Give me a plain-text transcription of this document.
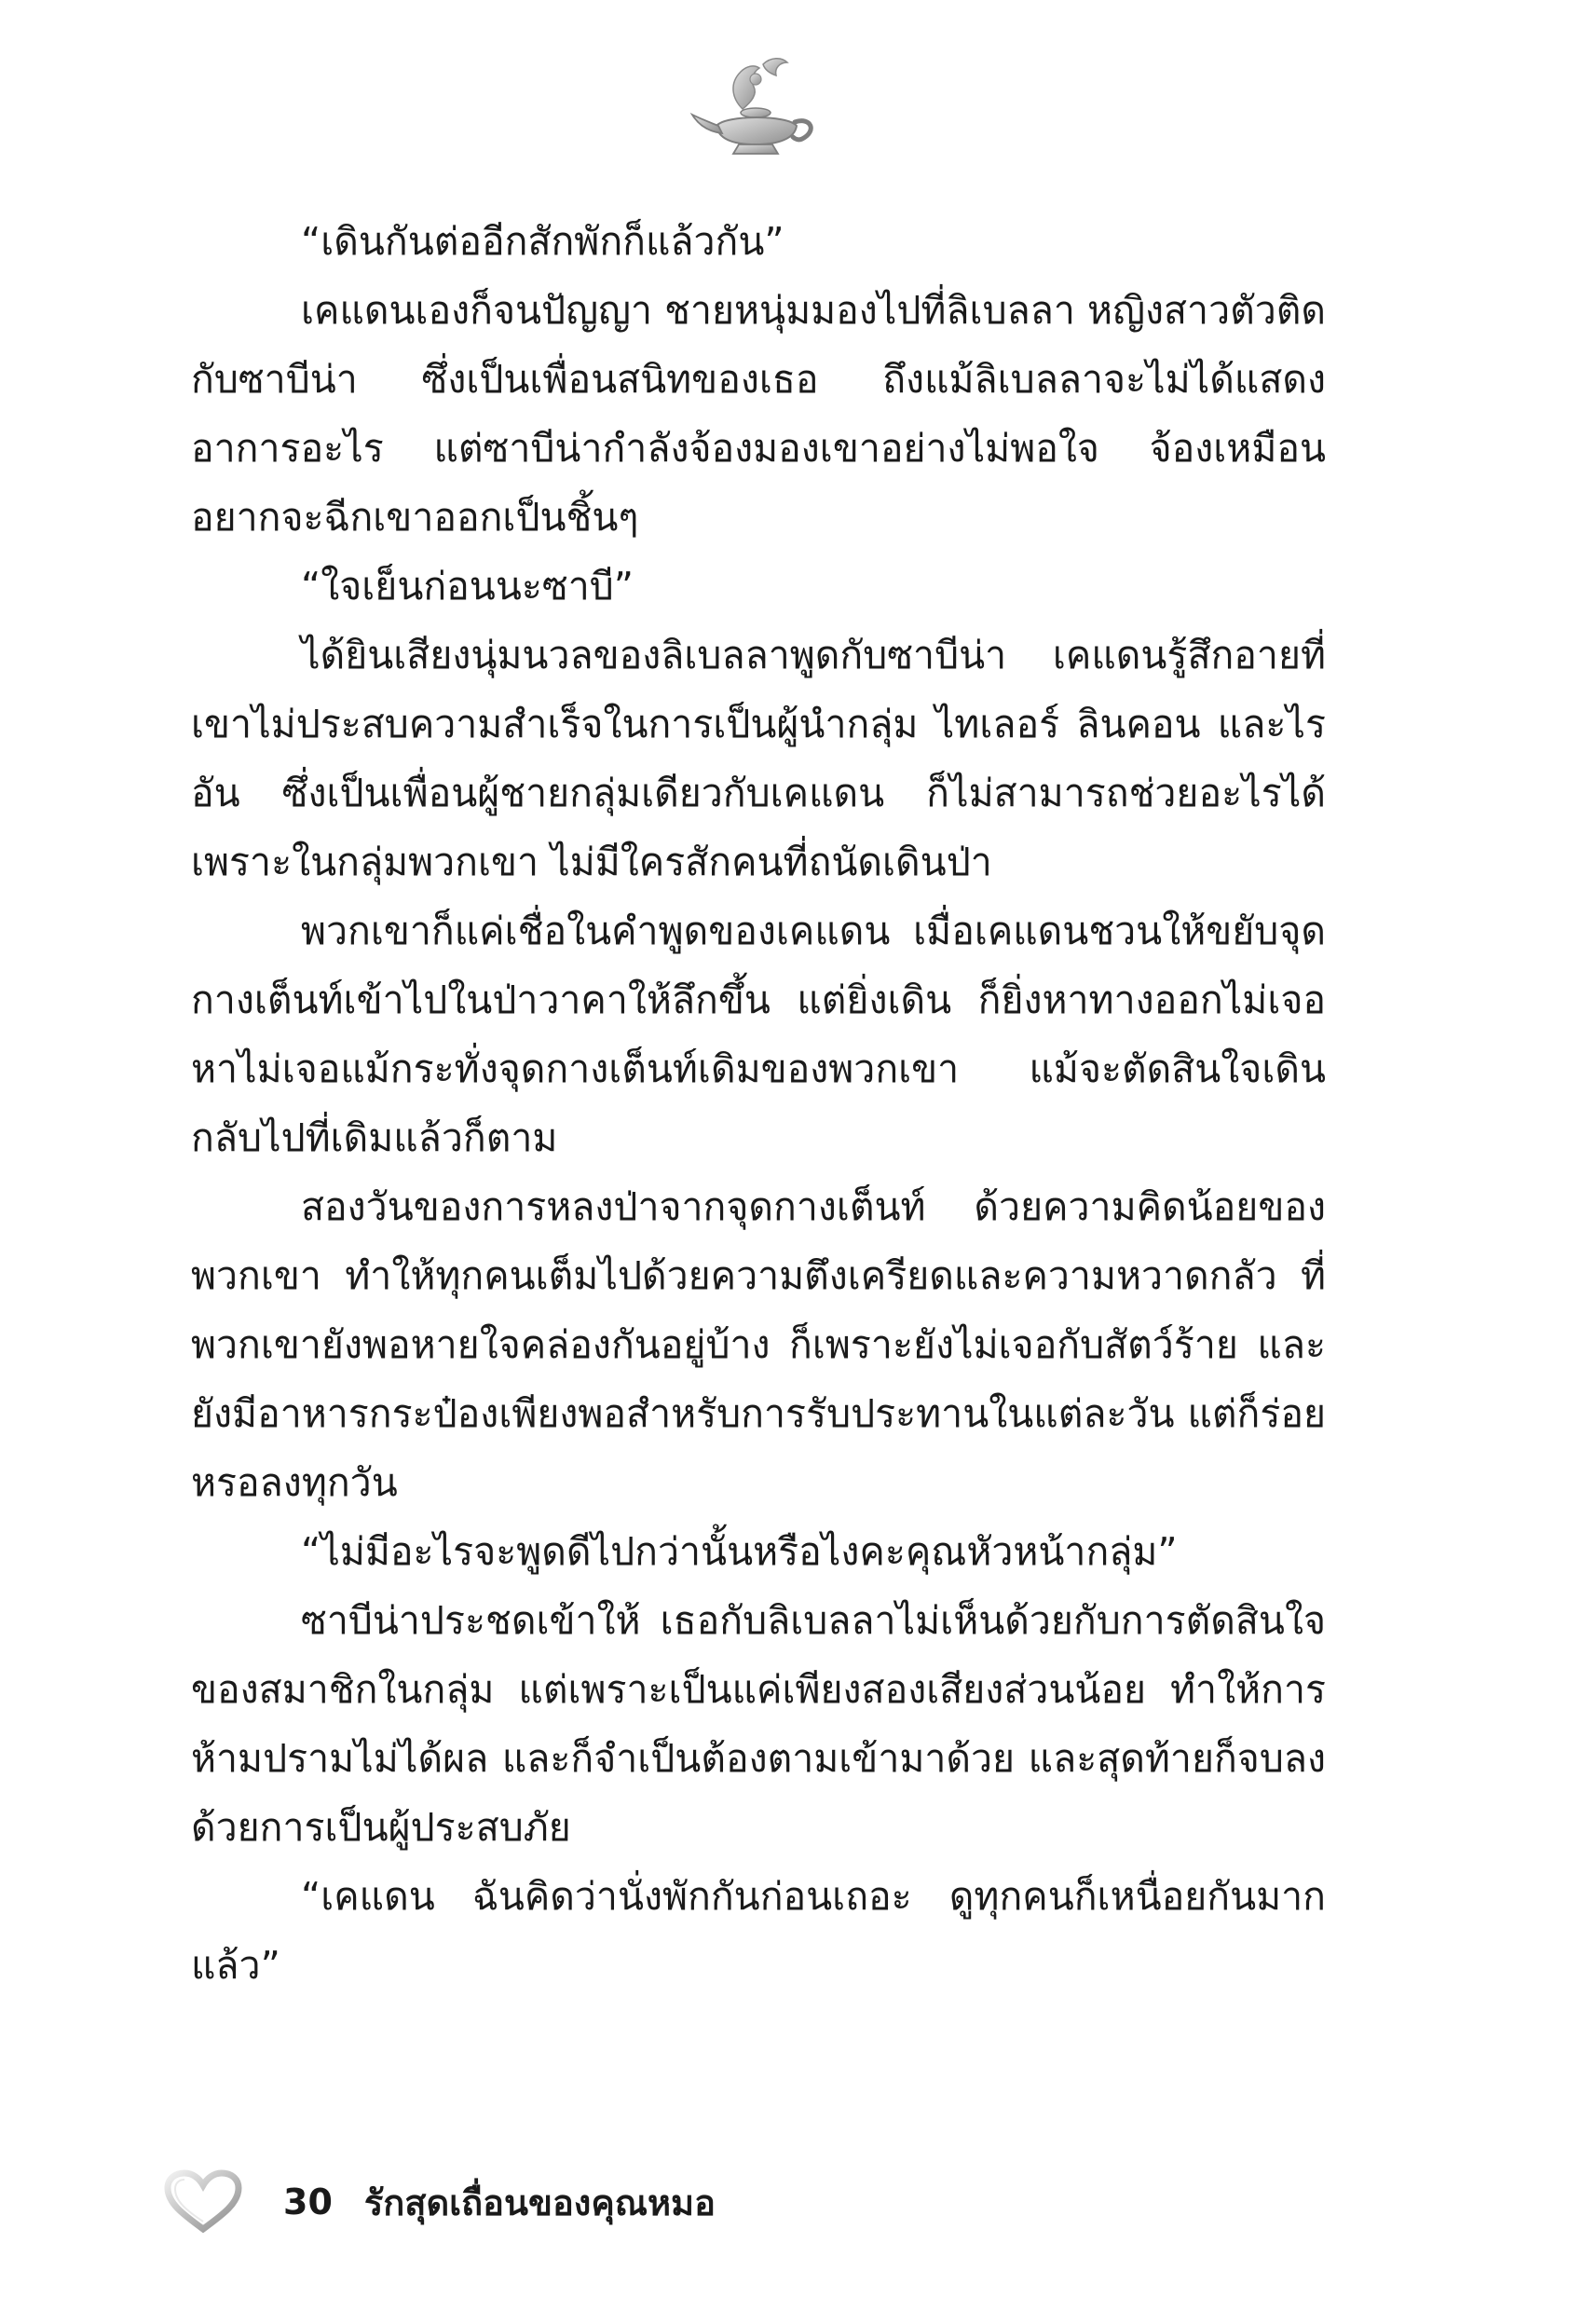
“เดินกันต่ออีกสักพักก็แล้วกัน”

เคแดนเองก็จนปัญญา ชายหนุ่มมองไปที่ลิเบลลา หญิงสาวตัวติดกับซาบีน่า ซึ่งเป็นเพื่อนสนิทของเธอ ถึงแม้ลิเบลลาจะไม่ได้แสดงอาการอะไร แต่ซาบีน่ากำลังจ้องมองเขาอย่างไม่พอใจ จ้องเหมือนอยากจะฉีกเขาออกเป็นชิ้นๆ

“ใจเย็นก่อนนะซาบี”

ได้ยินเสียงนุ่มนวลของลิเบลลาพูดกับซาบีน่า เคแดนรู้สึกอายที่เขาไม่ประสบความสำเร็จในการเป็นผู้นำกลุ่ม ไทเลอร์ ลินคอน และไรอัน ซึ่งเป็นเพื่อนผู้ชายกลุ่มเดียวกับเคแดน ก็ไม่สามารถช่วยอะไรได้ เพราะในกลุ่มพวกเขา ไม่มีใครสักคนที่ถนัดเดินป่า

พวกเขาก็แค่เชื่อในคำพูดของเคแดน เมื่อเคแดนชวนให้ขยับจุดกางเต็นท์เข้าไปในป่าวาคาให้ลึกขึ้น แต่ยิ่งเดิน ก็ยิ่งหาทางออกไม่เจอ หาไม่เจอแม้กระทั่งจุดกางเต็นท์เดิมของพวกเขา แม้จะตัดสินใจเดินกลับไปที่เดิมแล้วก็ตาม

สองวันของการหลงป่าจากจุดกางเต็นท์ ด้วยความคิดน้อยของพวกเขา ทำให้ทุกคนเต็มไปด้วยความตึงเครียดและความหวาดกลัว ที่พวกเขายังพอหายใจคล่องกันอยู่บ้าง ก็เพราะยังไม่เจอกับสัตว์ร้าย และยังมีอาหารกระป๋องเพียงพอสำหรับการรับประทานในแต่ละวัน แต่ก็ร่อยหรอลงทุกวัน

“ไม่มีอะไรจะพูดดีไปกว่านั้นหรือไงคะคุณหัวหน้ากลุ่ม”

ซาบีน่าประชดเข้าให้ เธอกับลิเบลลาไม่เห็นด้วยกับการตัดสินใจของสมาชิกในกลุ่ม แต่เพราะเป็นแค่เพียงสองเสียงส่วนน้อย ทำให้การห้ามปรามไม่ได้ผล และก็จำเป็นต้องตามเข้ามาด้วย และสุดท้ายก็จบลงด้วยการเป็นผู้ประสบภัย

“เคแดน ฉันคิดว่านั่งพักกันก่อนเถอะ ดูทุกคนก็เหนื่อยกันมากแล้ว”

30 รักสุดเถื่อนของคุณหมอ
